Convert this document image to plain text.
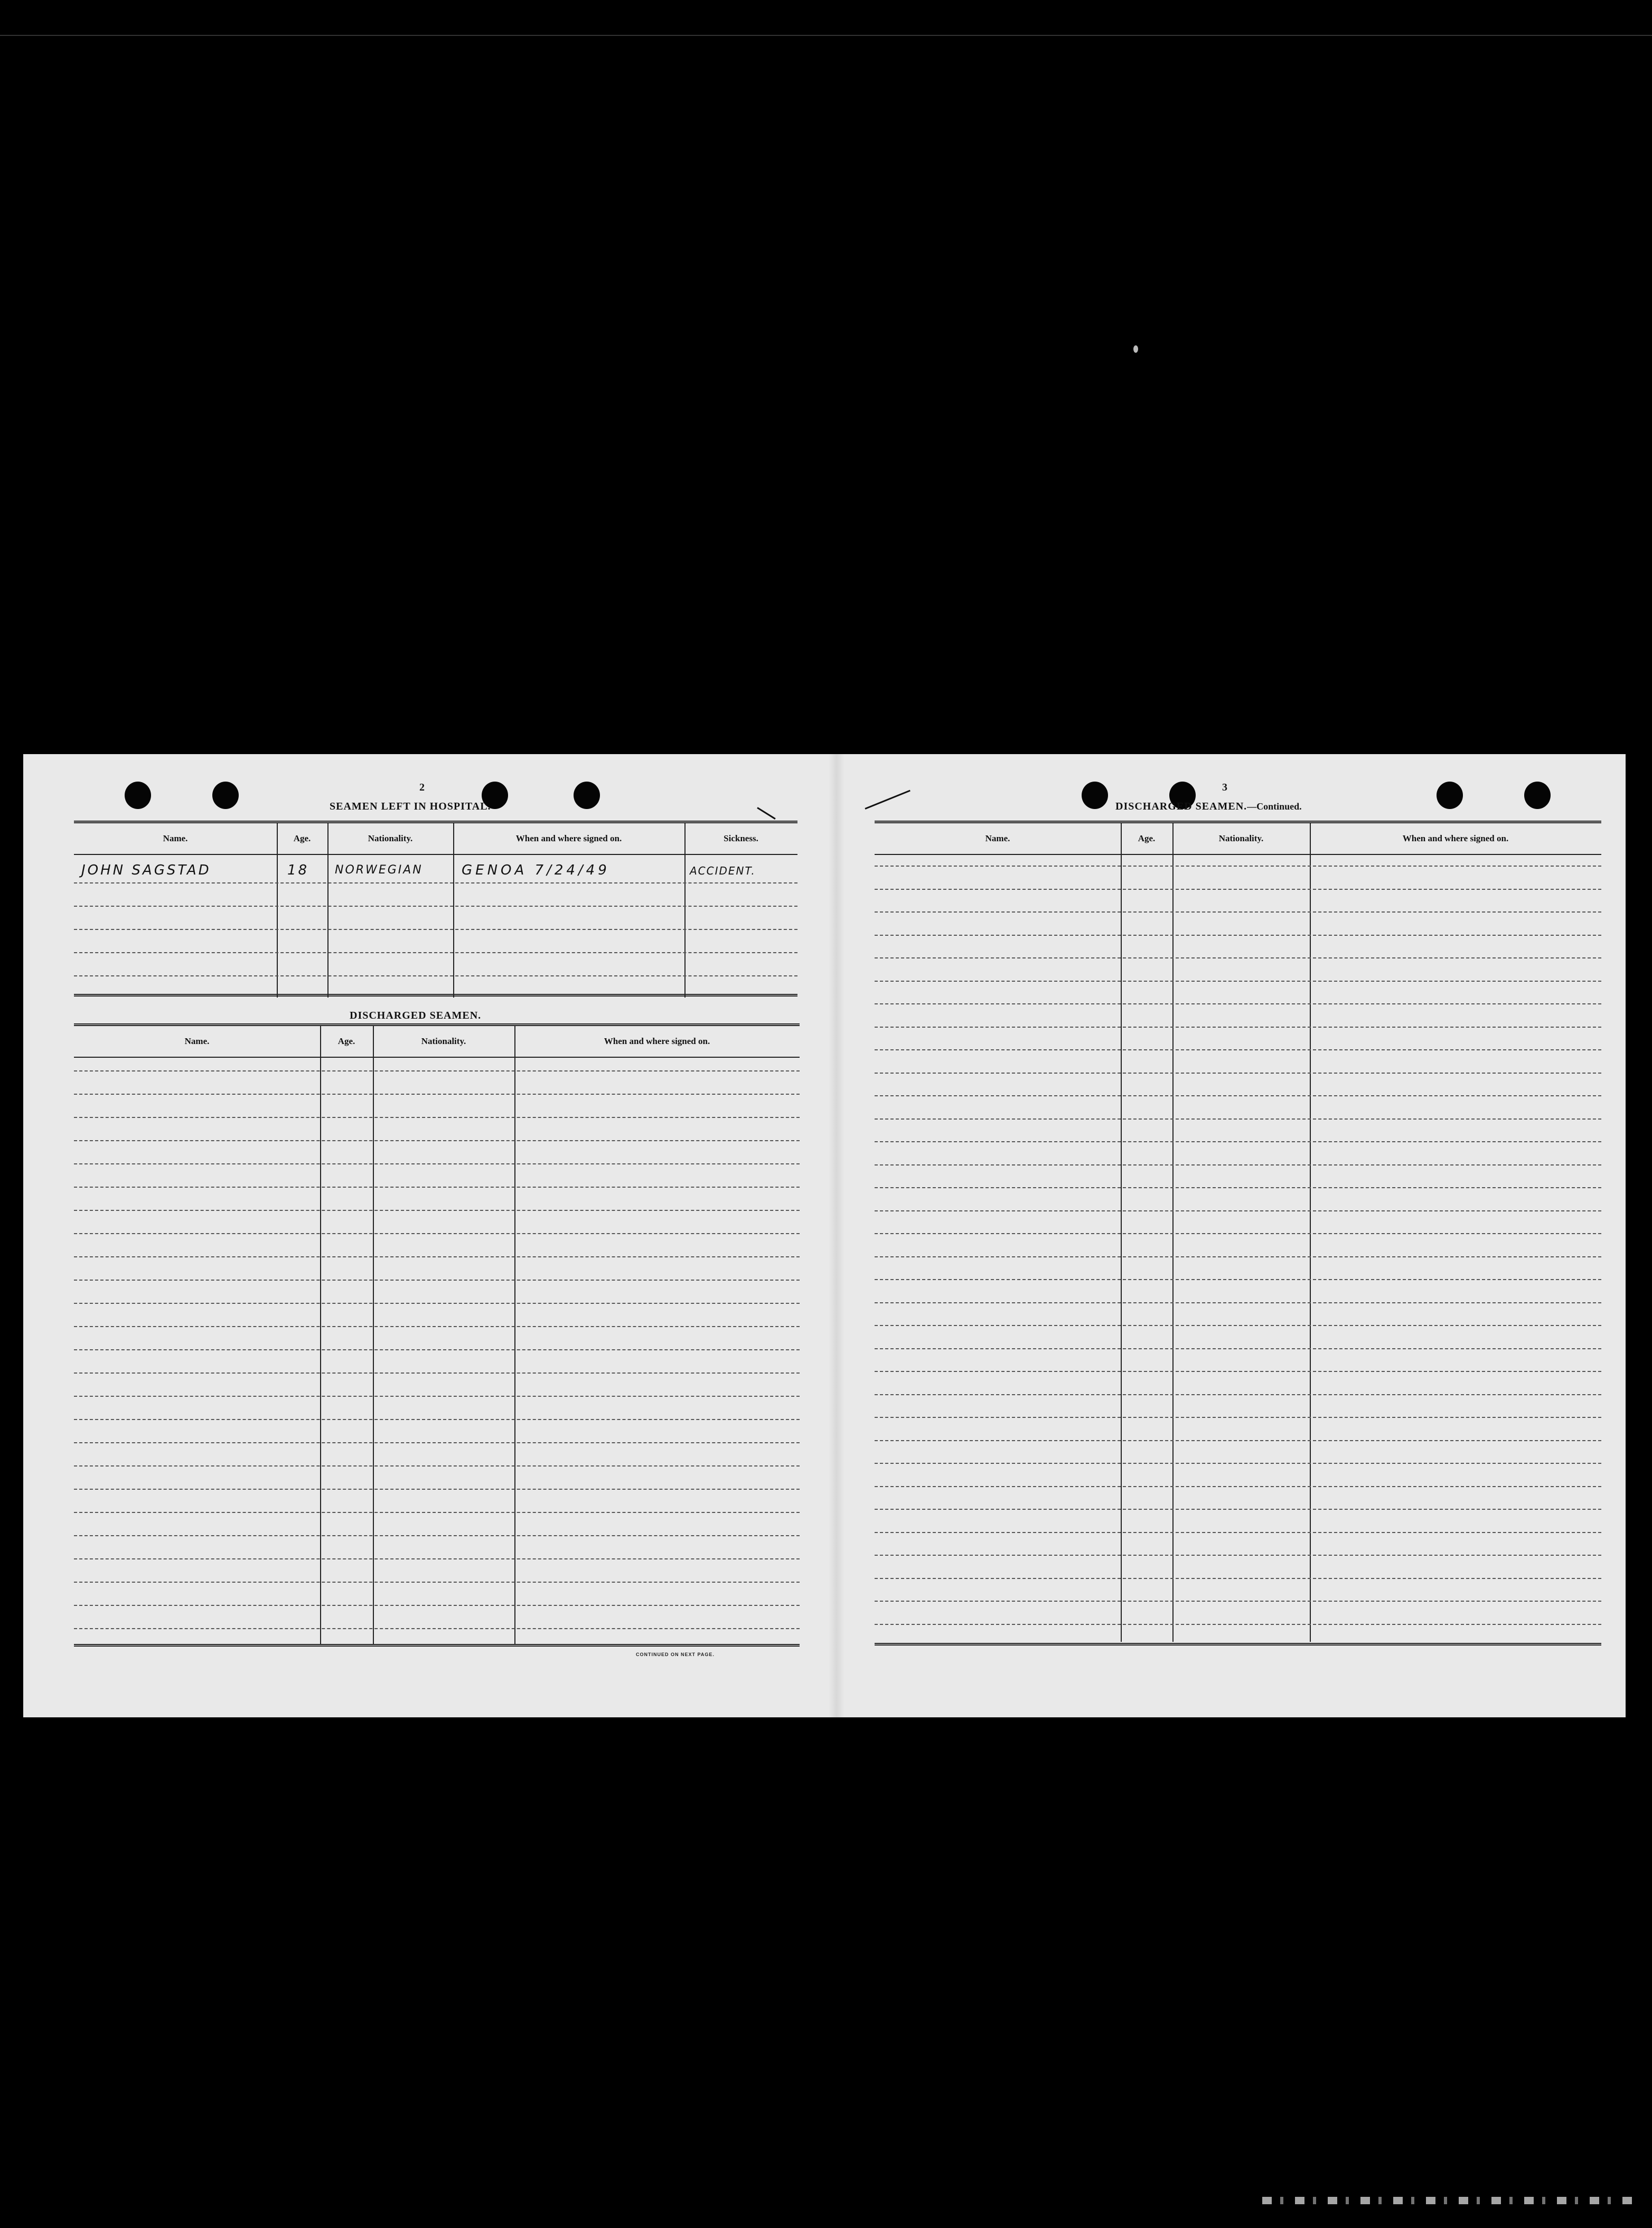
2
SEAMEN LEFT IN HOSPITAL.
Name.	Age.	Nationality.	When and where signed on.	Sickness.
JOHN SAGSTAD	18 NORWEGIAN	GENOA 7/24/49	ACCIDENT.
DISCHARGED SEAMEN.
Name.	Age.	Nationality.	When and where signed on.
CONTINUED ON NEXT PAGE.
3
DISCHARGED SEAMEN.—Continued.
Name.	Age.	Nationality.	When and where signed on.
